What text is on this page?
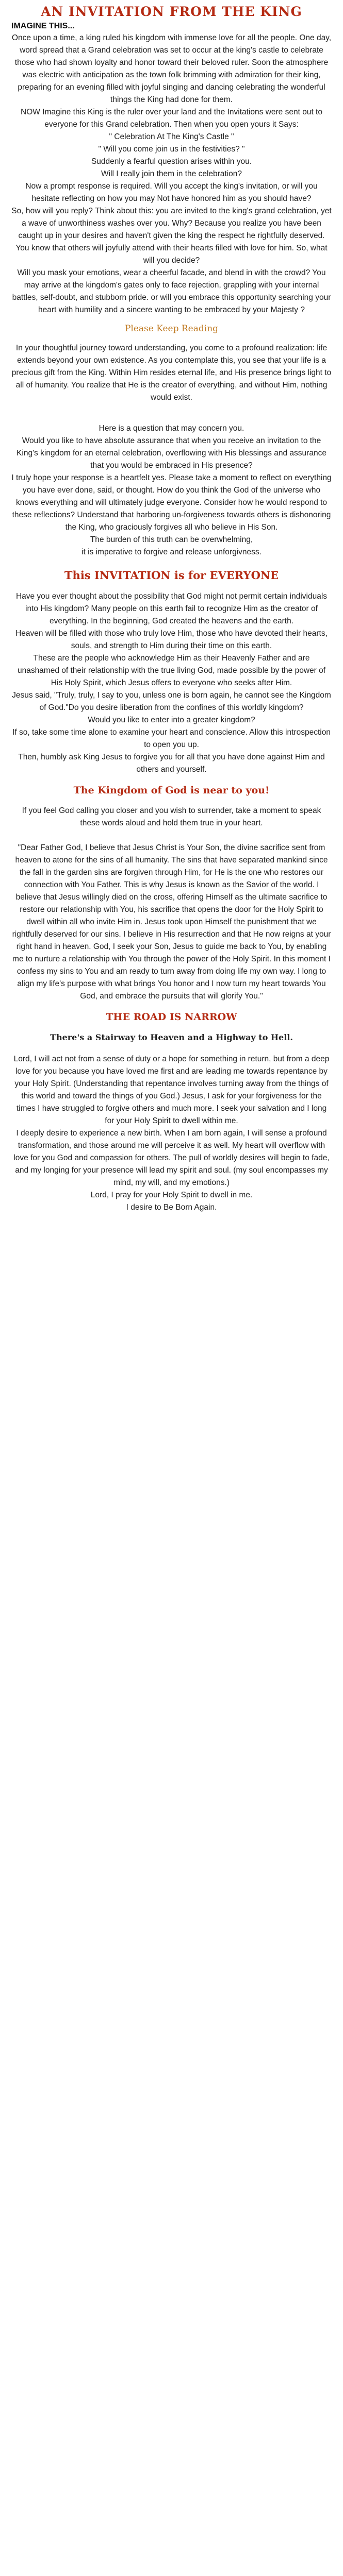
AN INVITATION FROM THE KING

IMAGINE THIS...

Once upon a time, a king ruled his kingdom with immense love for all the people. One day, word spread that a Grand celebration was set to occur at the king's castle to celebrate those who had shown loyalty and honor toward their beloved ruler. Soon the atmosphere was electric with anticipation as the town folk brimming with admiration for their king, preparing for an evening filled with joyful singing and dancing celebrating the wonderful things the King had done for them.

NOW Imagine this King is the ruler over your land and the Invitations were sent out to everyone for this Grand celebration. Then when you open yours it Says:

" Celebration At The King's Castle "

" Will you come join us in the festivities? "

Suddenly a fearful question arises within you.

Will I really join them in the celebration?

Now a prompt response is required. Will you accept the king's invitation, or will you hesitate reflecting on how you may Not have honored him as you should have?

So, how will you reply? Think about this: you are invited to the king's grand celebration, yet a wave of unworthiness washes over you. Why? Because you realize you have been caught up in your desires and haven't given the king the respect he rightfully deserved. You know that others will joyfully attend with their hearts filled with love for him. So, what will you decide?

Will you mask your emotions, wear a cheerful facade, and blend in with the crowd? You may arrive at the kingdom's gates only to face rejection, grappling with your internal battles, self-doubt, and stubborn pride. or will you embrace this opportunity searching your heart with humility and a sincere wanting to be embraced by your Majesty ?

Please Keep Reading

In your thoughtful journey toward understanding, you come to a profound realization: life extends beyond your own existence. As you contemplate this, you see that your life is a precious gift from the King. Within Him resides eternal life, and His presence brings light to all of humanity. You realize that He is the creator of everything, and without Him, nothing would exist.

Here is a question that may concern you.

Would you like to have absolute assurance that when you receive an invitation to the King's kingdom for an eternal celebration, overflowing with His blessings and assurance that you would be embraced in His presence?

I truly hope your response is a heartfelt yes. Please take a moment to reflect on everything you have ever done, said, or thought. How do you think the God of the universe who knows everything and will ultimately judge everyone. Consider how he would respond to these reflections? Understand that harboring un-forgiveness towards others is dishonoring the King, who graciously forgives all who believe in His Son.

The burden of this truth can be overwhelming,

it is imperative to forgive and release unforgivness.

This INVITATION is for EVERYONE

Have you ever thought about the possibility that God might not permit certain individuals into His kingdom? Many people on this earth fail to recognize Him as the creator of everything. In the beginning, God created the heavens and the earth.

Heaven will be filled with those who truly love Him, those who have devoted their hearts, souls, and strength to Him during their time on this earth.

These are the people who acknowledge Him as their Heavenly Father and are unashamed of their relationship with the true living God, made possible by the power of His Holy Spirit, which Jesus offers to everyone who seeks after Him.

Jesus said, "Truly, truly, I say to you, unless one is born again, he cannot see the Kingdom of God."Do you desire liberation from the confines of this worldly kingdom?

Would you like to enter into a greater kingdom?

If so, take some time alone to examine your heart and conscience. Allow this introspection to open you up.

Then, humbly ask King Jesus to forgive you for all that you have done against Him and others and yourself.

The Kingdom of God is near to you!

If you feel God calling you closer and you wish to surrender, take a moment to speak these words aloud and hold them true in your heart.

"Dear Father God, I believe that Jesus Christ is Your Son, the divine sacrifice sent from heaven to atone for the sins of all humanity. The sins that have separated mankind since the fall in the garden sins are forgiven through Him, for He is the one who restores our connection with You Father. This is why Jesus is known as the Savior of the world. I believe that Jesus willingly died on the cross, offering Himself as the ultimate sacrifice to restore our relationship with You, his sacrifice that opens the door for the Holy Spirit to dwell within all who invite Him in. Jesus took upon Himself the punishment that we rightfully deserved for our sins. I believe in His resurrection and that He now reigns at your right hand in heaven. God, I seek your Son, Jesus to guide me back to You, by enabling me to nurture a relationship with You through the power of the Holy Spirit. In this moment I confess my sins to You and am ready to turn away from doing life my own way. I long to align my life's purpose with what brings You honor and I now turn my heart towards You God, and embrace the pursuits that will glorify You."

THE ROAD IS NARROW
There's a Stairway to Heaven and a Highway to Hell.

Lord, I will act not from a sense of duty or a hope for something in return, but from a deep love for you because you have loved me first and are leading me towards repentance by your Holy Spirit. (Understanding that repentance involves turning away from the things of this world and toward the things of you God.) Jesus, I ask for your forgiveness for the times I have struggled to forgive others and much more. I seek your salvation and I long for your Holy Spirit to dwell within me.

I deeply desire to experience a new birth. When I am born again, I will sense a profound transformation, and those around me will perceive it as well. My heart will overflow with love for you God and compassion for others. The pull of worldly desires will begin to fade, and my longing for your presence will lead my spirit and soul. (my soul encompasses my mind, my will, and my emotions.)

Lord, I pray for your Holy Spirit to dwell in me.

I desire to Be Born Again.
